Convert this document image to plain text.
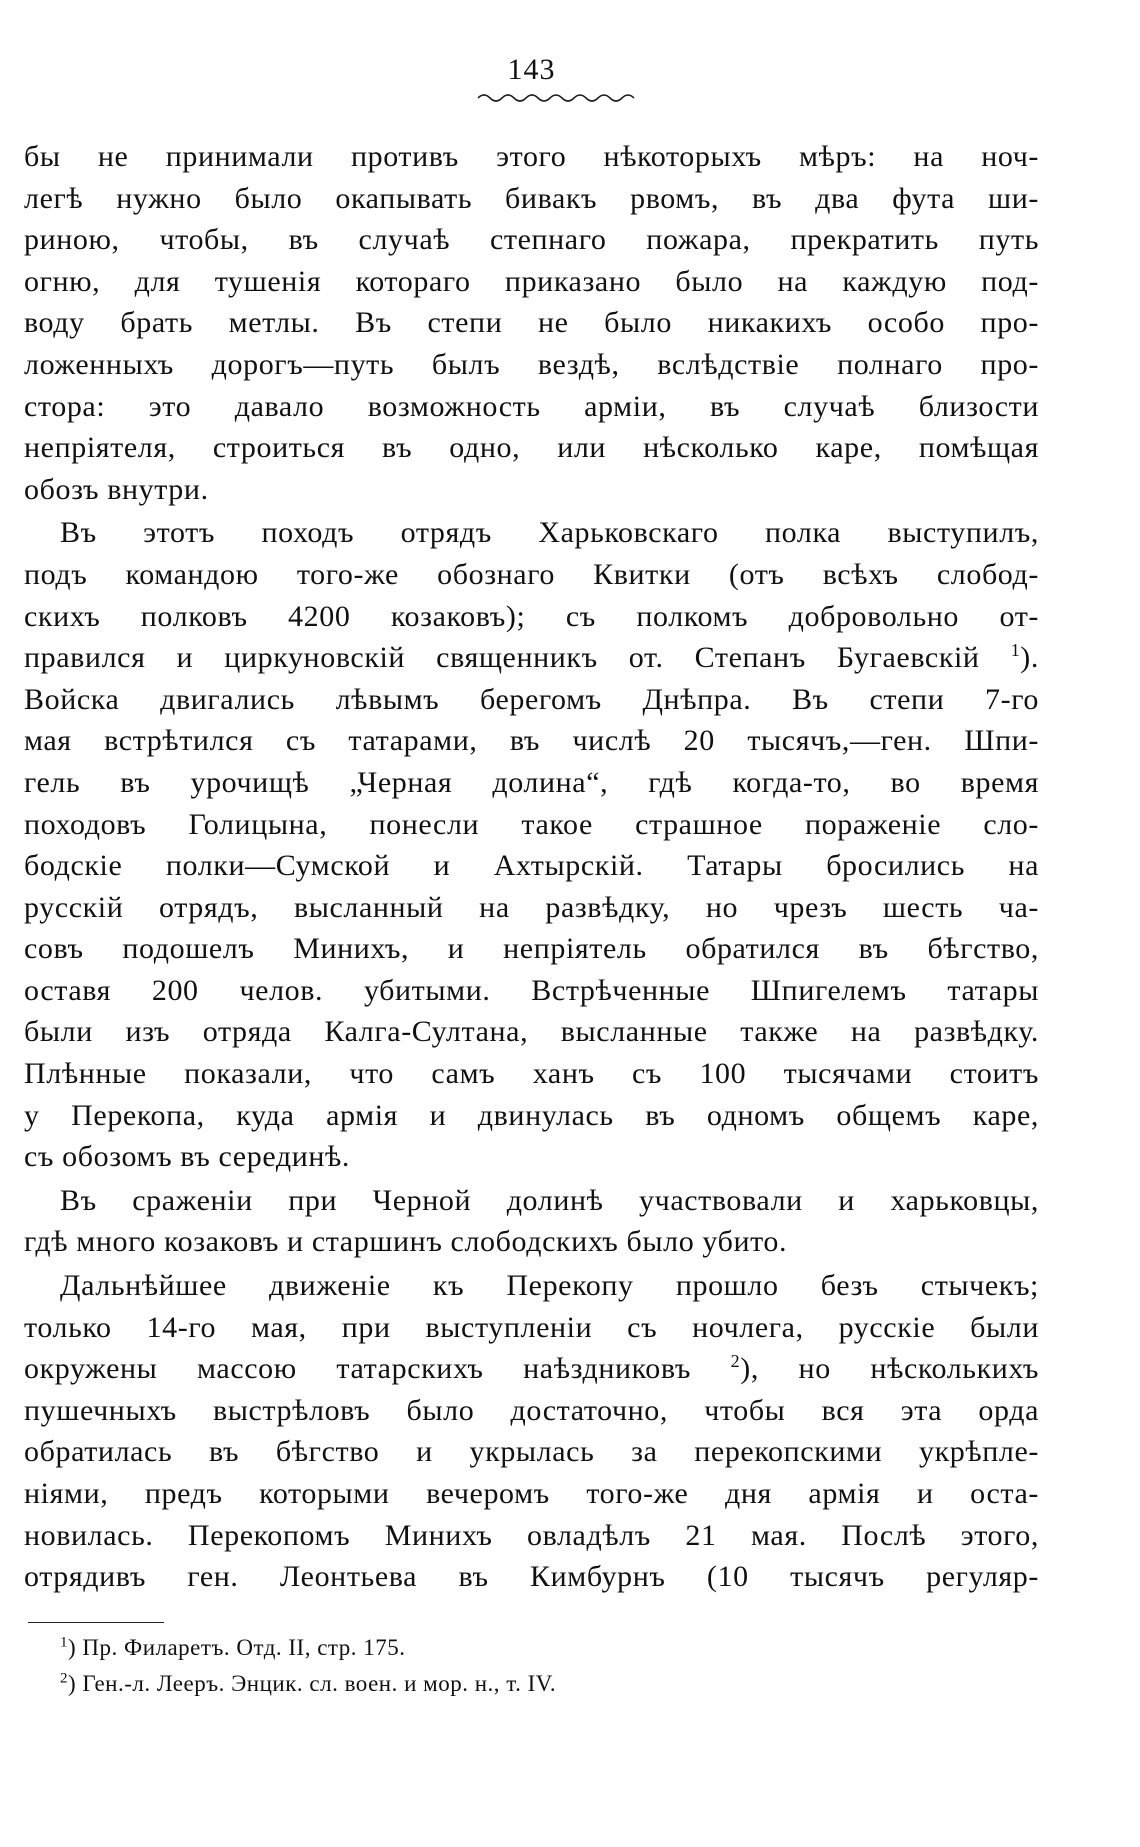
143
бы не принимали противъ этого нѣкоторыхъ мѣръ: на ноч-
легѣ нужно было окапывать бивакъ рвомъ, въ два фута ши-
риною, чтобы, въ случаѣ степнаго пожара, прекратить путь
огню, для тушенія котораго приказано было на каждую под-
воду брать метлы. Въ степи не было никакихъ особо про-
ложенныхъ дорогъ—путь былъ вездѣ, вслѣдствіе полнаго про-
стора: это давало возможность арміи, въ случаѣ близости
непріятеля, строиться въ одно, или нѣсколько каре, помѣщая
обозъ внутри.
Въ этотъ походъ отрядъ Харьковскаго полка выступилъ,
подъ командою того-же обознаго Квитки (отъ всѣхъ слобод-
скихъ полковъ 4200 козаковъ); съ полкомъ добровольно от-
правился и циркуновскій священникъ от. Степанъ Бугаевскій $^1$).
Войска двигались лѣвымъ берегомъ Днѣпра. Въ степи 7-го
мая встрѣтился съ татарами, въ числѣ 20 тысячъ,—ген. Шпи-
гель въ урочищѣ „Черная долина“, гдѣ когда-то, во время
походовъ Голицына, понесли такое страшное пораженіе сло-
бодскіе полки—Сумской и Ахтырскій. Татары бросились на
русскій отрядъ, высланный на развѣдку, но чрезъ шесть ча-
совъ подошелъ Минихъ, и непріятель обратился въ бѣгство,
оставя 200 челов. убитыми. Встрѣченные Шпигелемъ татары
были изъ отряда Калга-Султана, высланные также на развѣдку.
Плѣнные показали, что самъ ханъ съ 100 тысячами стоитъ
у Перекопа, куда армія и двинулась въ одномъ общемъ каре,
съ обозомъ въ серединѣ.
Въ сраженіи при Черной долинѣ участвовали и харьковцы,
гдѣ много козаковъ и старшинъ слободскихъ было убито.
Дальнѣйшее движеніе къ Перекопу прошло безъ стычекъ;
только 14-го мая, при выступленіи съ ночлега, русскіе были
окружены массою татарскихъ наѣздниковъ $^2$), но нѣсколькихъ
пушечныхъ выстрѣловъ было достаточно, чтобы вся эта орда
обратилась въ бѣгство и укрылась за перекопскими укрѣпле-
ніями, предъ которыми вечеромъ того-же дня армія и оста-
новилась. Перекопомъ Минихъ овладѣлъ 21 мая. Послѣ этого,
отрядивъ ген. Леонтьева въ Кимбурнъ (10 тысячъ регуляр-
$^1$) Пр. Филаретъ. Отд. II, стр. 175.
$^2$) Ген.-л. Лееръ. Энцик. сл. воен. и мор. н., т. IV.
